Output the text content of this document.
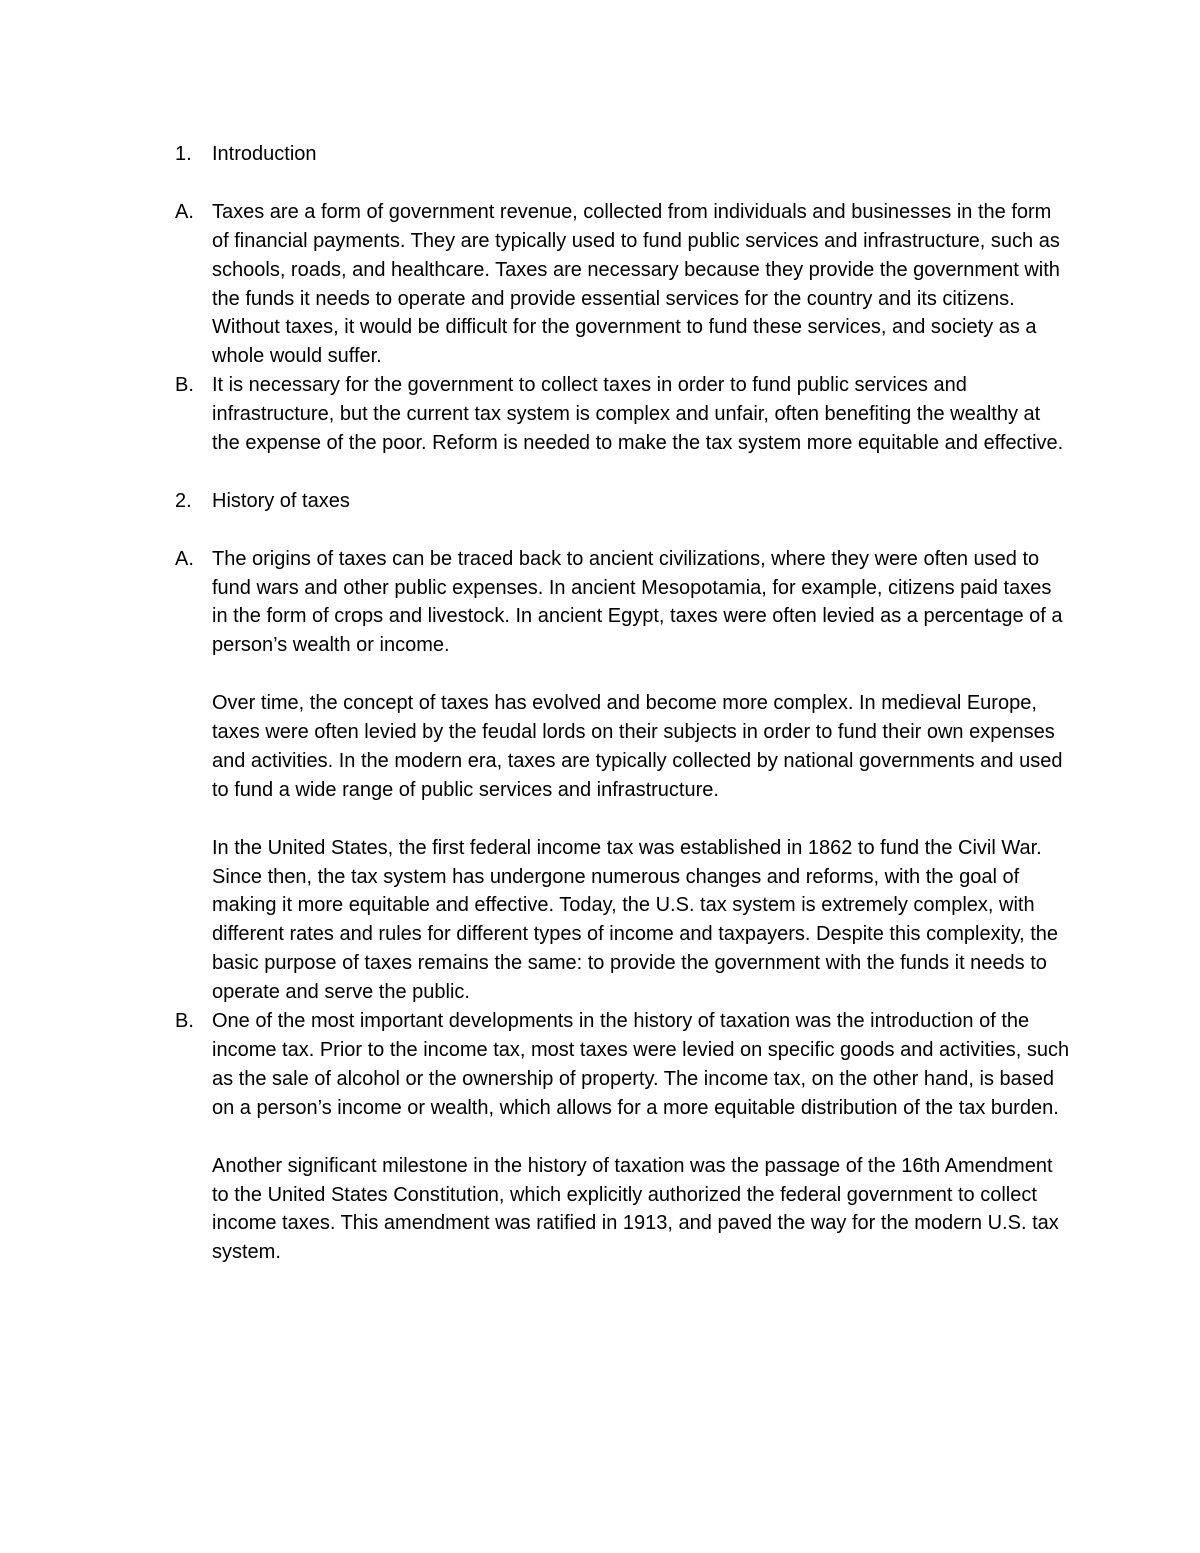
1. Introduction
A. Taxes are a form of government revenue, collected from individuals and businesses in the form of financial payments. They are typically used to fund public services and infrastructure, such as schools, roads, and healthcare. Taxes are necessary because they provide the government with the funds it needs to operate and provide essential services for the country and its citizens. Without taxes, it would be difficult for the government to fund these services, and society as a whole would suffer.

B. It is necessary for the government to collect taxes in order to fund public services and infrastructure, but the current tax system is complex and unfair, often benefiting the wealthy at the expense of the poor. Reform is needed to make the tax system more equitable and effective.

2. History of taxes
A. The origins of taxes can be traced back to ancient civilizations, where they were often used to fund wars and other public expenses. In ancient Mesopotamia, for example, citizens paid taxes in the form of crops and livestock. In ancient Egypt, taxes were often levied as a percentage of a person’s wealth or income.

Over time, the concept of taxes has evolved and become more complex. In medieval Europe, taxes were often levied by the feudal lords on their subjects in order to fund their own expenses and activities. In the modern era, taxes are typically collected by national governments and used to fund a wide range of public services and infrastructure.

In the United States, the first federal income tax was established in 1862 to fund the Civil War. Since then, the tax system has undergone numerous changes and reforms, with the goal of making it more equitable and effective. Today, the U.S. tax system is extremely complex, with different rates and rules for different types of income and taxpayers. Despite this complexity, the basic purpose of taxes remains the same: to provide the government with the funds it needs to operate and serve the public.

B. One of the most important developments in the history of taxation was the introduction of the income tax. Prior to the income tax, most taxes were levied on specific goods and activities, such as the sale of alcohol or the ownership of property. The income tax, on the other hand, is based on a person’s income or wealth, which allows for a more equitable distribution of the tax burden.

Another significant milestone in the history of taxation was the passage of the 16th Amendment to the United States Constitution, which explicitly authorized the federal government to collect income taxes. This amendment was ratified in 1913, and paved the way for the modern U.S. tax system.
